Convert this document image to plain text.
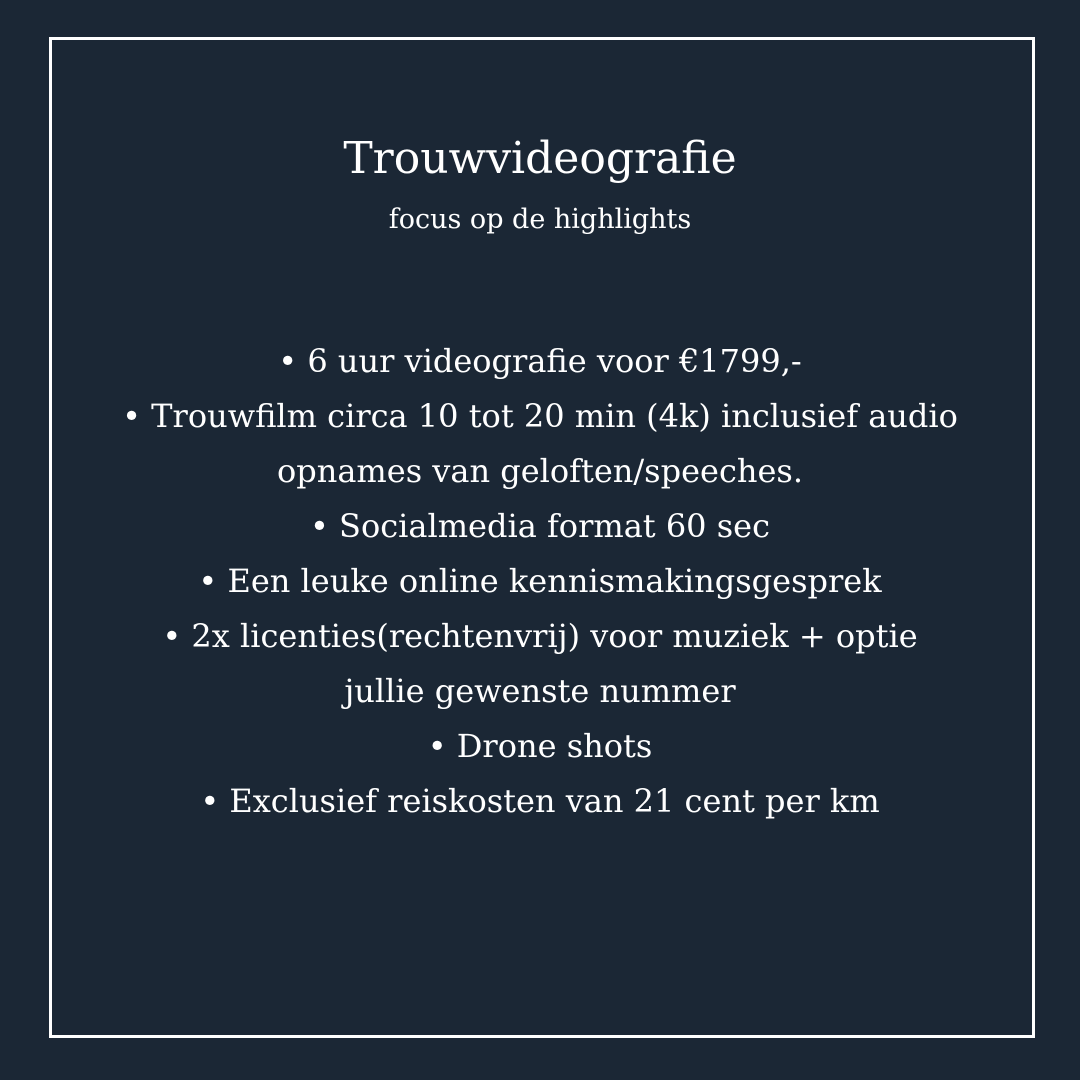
Trouwvideografie

focus op de highlights

• 6 uur videografie voor €1799,-
• Trouwfilm circa 10 tot 20 min (4k) inclusief audio opnames van geloften/speeches.
• Socialmedia format 60 sec
• Een leuke online kennismakingsgesprek
• 2x licenties(rechtenvrij) voor muziek + optie jullie gewenste nummer
• Drone shots
• Exclusief reiskosten van 21 cent per km
